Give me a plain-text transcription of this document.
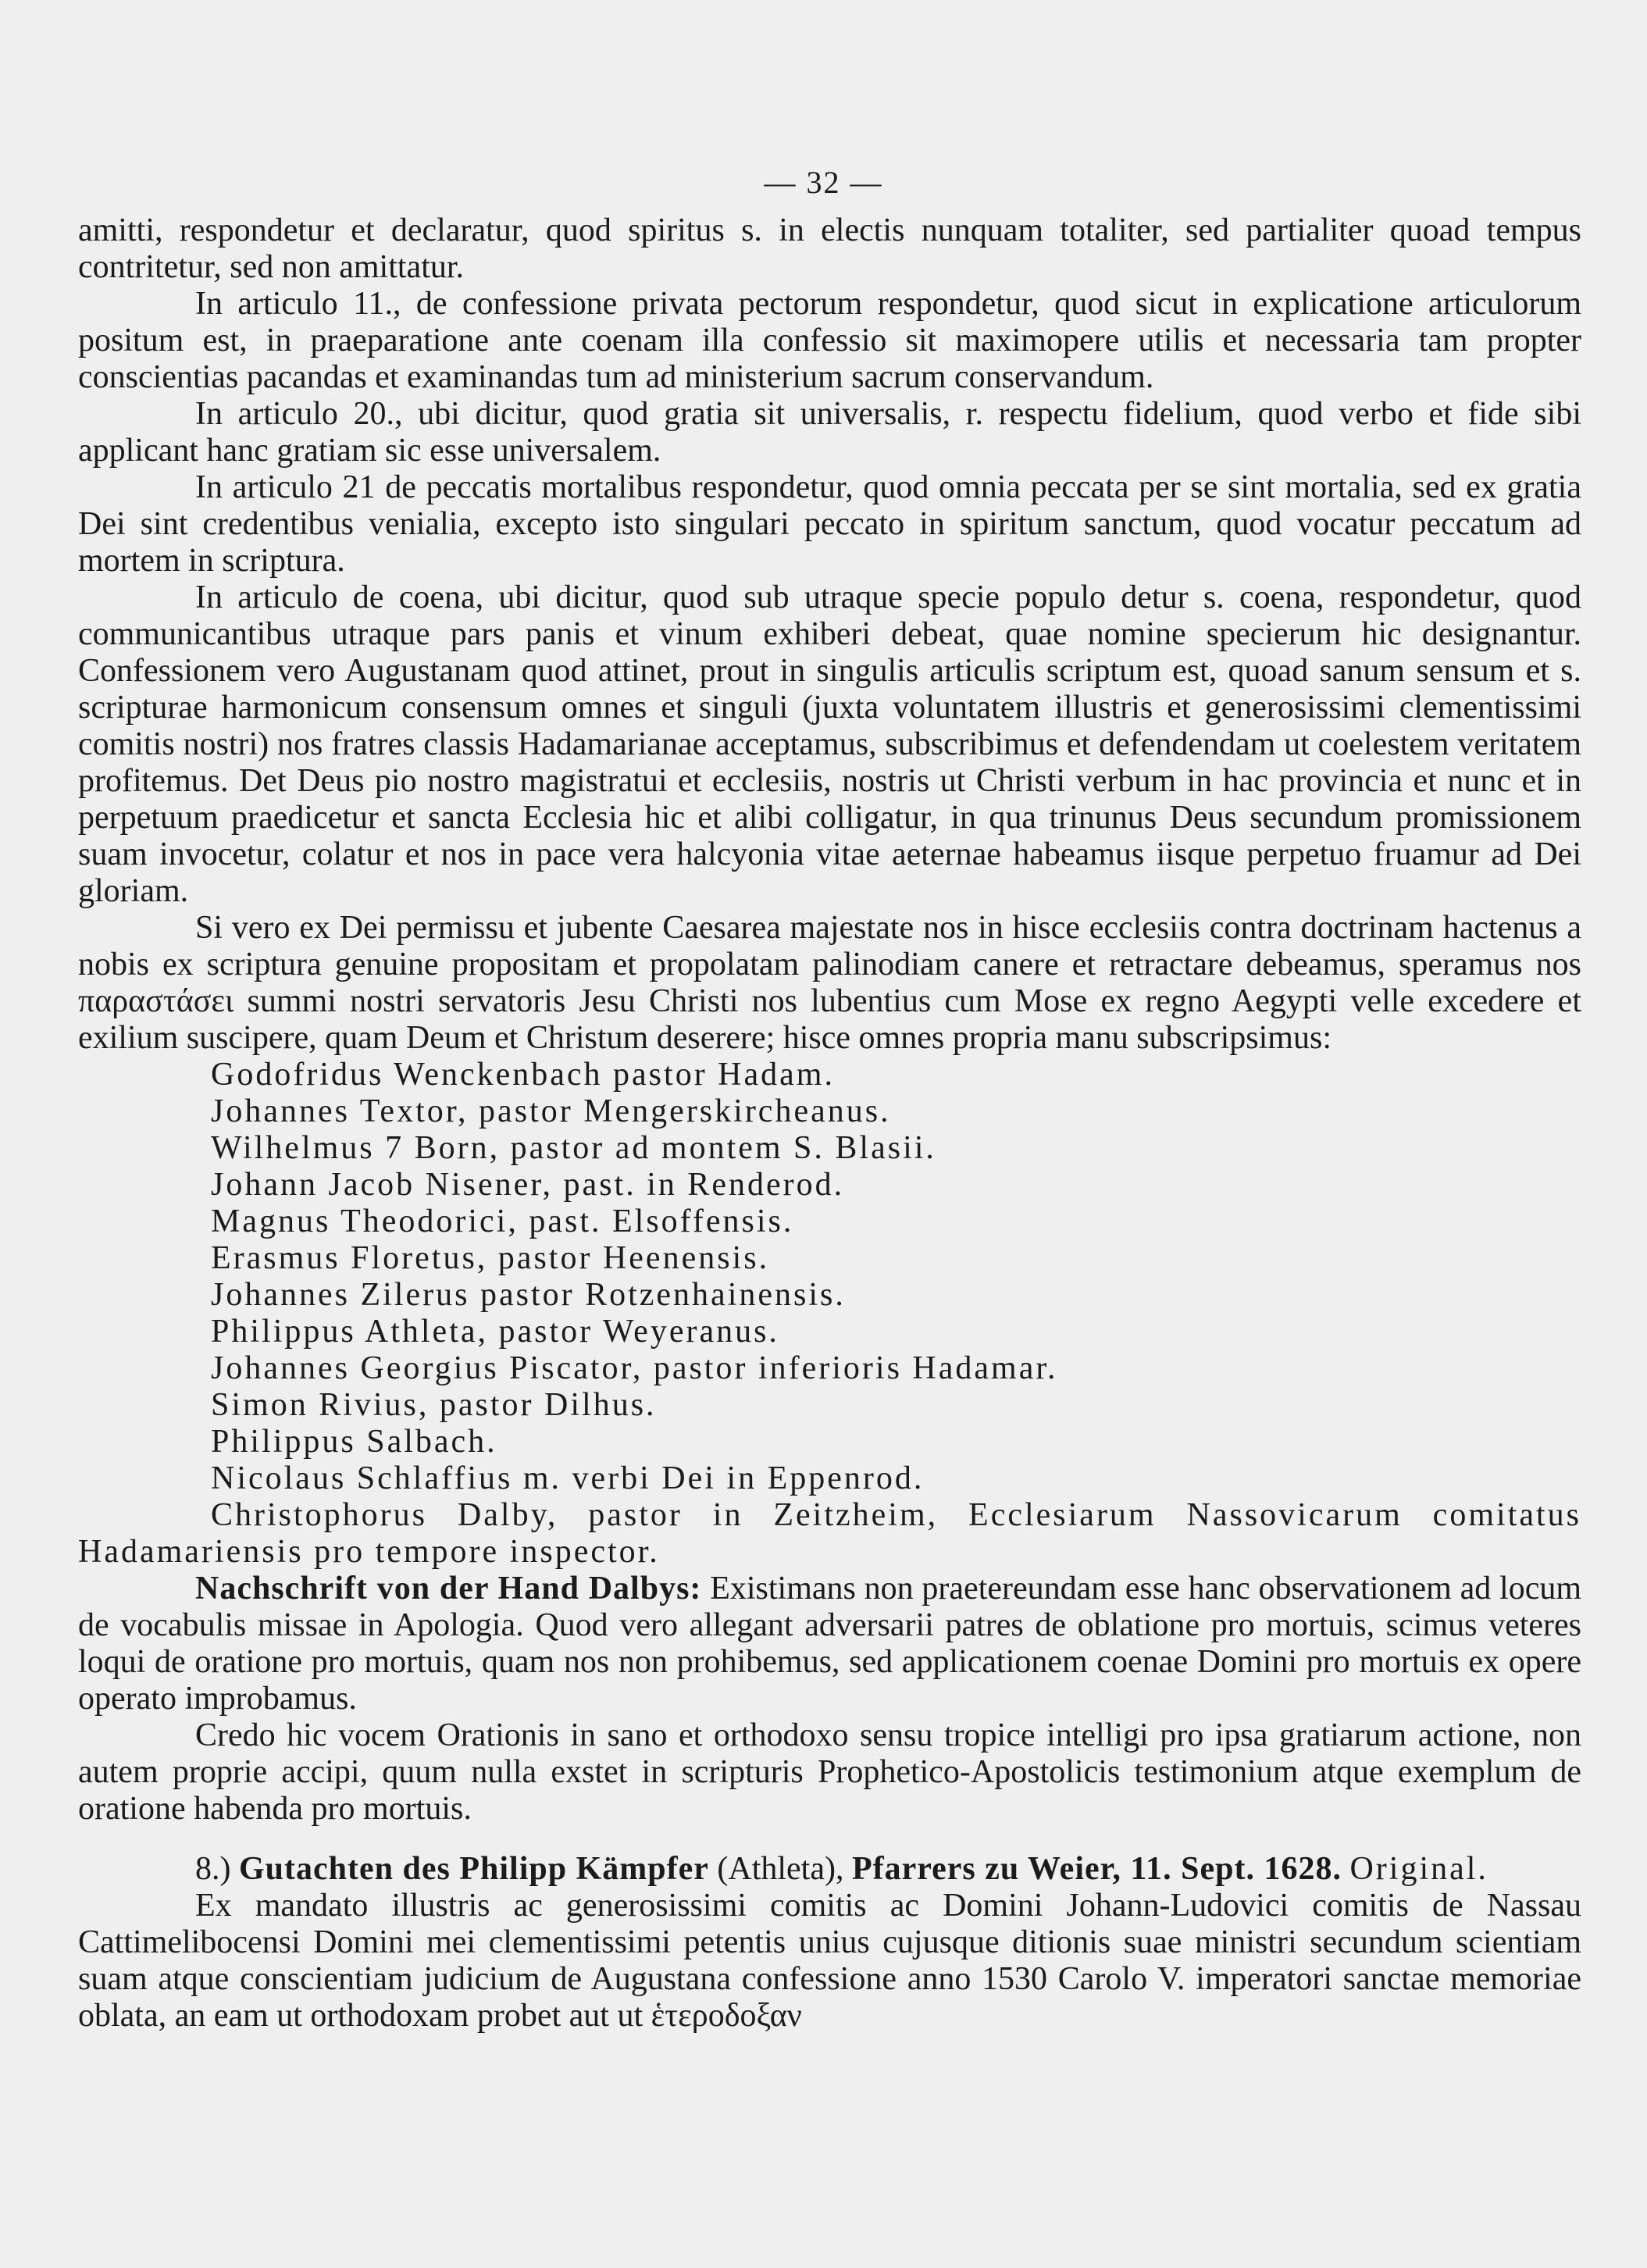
— 32 —

amitti, respondetur et declaratur, quod spiritus s. in electis nunquam totaliter, sed partialiter quoad tempus contritetur, sed non amittatur.

In articulo 11., de confessione privata pectorum respondetur, quod sicut in explicatione articulorum positum est, in praeparatione ante coenam illa confessio sit maximopere utilis et necessaria tam propter conscientias pacandas et examinandas tum ad ministerium sacrum conservandum.

In articulo 20., ubi dicitur, quod gratia sit universalis, r. respectu fidelium, quod verbo et fide sibi applicant hanc gratiam sic esse universalem.

In articulo 21 de peccatis mortalibus respondetur, quod omnia peccata per se sint mortalia, sed ex gratia Dei sint credentibus venialia, excepto isto singulari peccato in spiritum sanctum, quod vocatur peccatum ad mortem in scriptura.

In articulo de coena, ubi dicitur, quod sub utraque specie populo detur s. coena, respondetur, quod communicantibus utraque pars panis et vinum exhiberi debeat, quae nomine specierum hic designantur. Confessionem vero Augustanam quod attinet, prout in singulis articulis scriptum est, quoad sanum sensum et s. scripturae harmonicum consensum omnes et singuli (juxta voluntatem illustris et generosissimi clementissimi comitis nostri) nos fratres classis Hadamarianae acceptamus, subscribimus et defendendam ut coelestem veritatem profitemus. Det Deus pio nostro magistratui et ecclesiis, nostris ut Christi verbum in hac provincia et nunc et in perpetuum praedicetur et sancta Ecclesia hic et alibi colligatur, in qua trinunus Deus secundum promissionem suam invocetur, colatur et nos in pace vera halcyonia vitae aeternae habeamus iisque perpetuo fruamur ad Dei gloriam.

Si vero ex Dei permissu et jubente Caesarea majestate nos in hisce ecclesiis contra doctrinam hactenus a nobis ex scriptura genuine propositam et propolatam palinodiam canere et retractare debeamus, speramus nos παραστάσει summi nostri servatoris Jesu Christi nos lubentius cum Mose ex regno Aegypti velle excedere et exilium suscipere, quam Deum et Christum deserere; hisce omnes propria manu subscripsimus:

Godofridus Wenckenbach pastor Hadam.
Johannes Textor, pastor Mengerskircheanus.
Wilhelmus 7 Born, pastor ad montem S. Blasii.
Johann Jacob Nisener, past. in Renderod.
Magnus Theodorici, past. Elsoffensis.
Erasmus Floretus, pastor Heenensis.
Johannes Zilerus pastor Rotzenhainensis.
Philippus Athleta, pastor Weyeranus.
Johannes Georgius Piscator, pastor inferioris Hadamar.
Simon Rivius, pastor Dilhus.
Philippus Salbach.
Nicolaus Schlaffius m. verbi Dei in Eppenrod.
Christophorus Dalby, pastor in Zeitzheim, Ecclesiarum Nassovicarum comitatus Hadamariensis pro tempore inspector.

Nachschrift von der Hand Dalbys: Existimans non praetereundam esse hanc observationem ad locum de vocabulis missae in Apologia. Quod vero allegant adversarii patres de oblatione pro mortuis, scimus veteres loqui de oratione pro mortuis, quam nos non prohibemus, sed applicationem coenae Domini pro mortuis ex opere operato improbamus.

Credo hic vocem Orationis in sano et orthodoxo sensu tropice intelligi pro ipsa gratiarum actione, non autem proprie accipi, quum nulla exstet in scripturis Prophetico-Apostolicis testimonium atque exemplum de oratione habenda pro mortuis.

8.) Gutachten des Philipp Kämpfer (Athleta), Pfarrers zu Weier, 11. Sept. 1628. Original.

Ex mandato illustris ac generosissimi comitis ac Domini Johann-Ludovici comitis de Nassau Cattimelibocensi Domini mei clementissimi petentis unius cujusque ditionis suae ministri secundum scientiam suam atque conscientiam judicium de Augustana confessione anno 1530 Carolo V. imperatori sanctae memoriae oblata, an eam ut orthodoxam probet aut ut ἑτεροδοξαν
